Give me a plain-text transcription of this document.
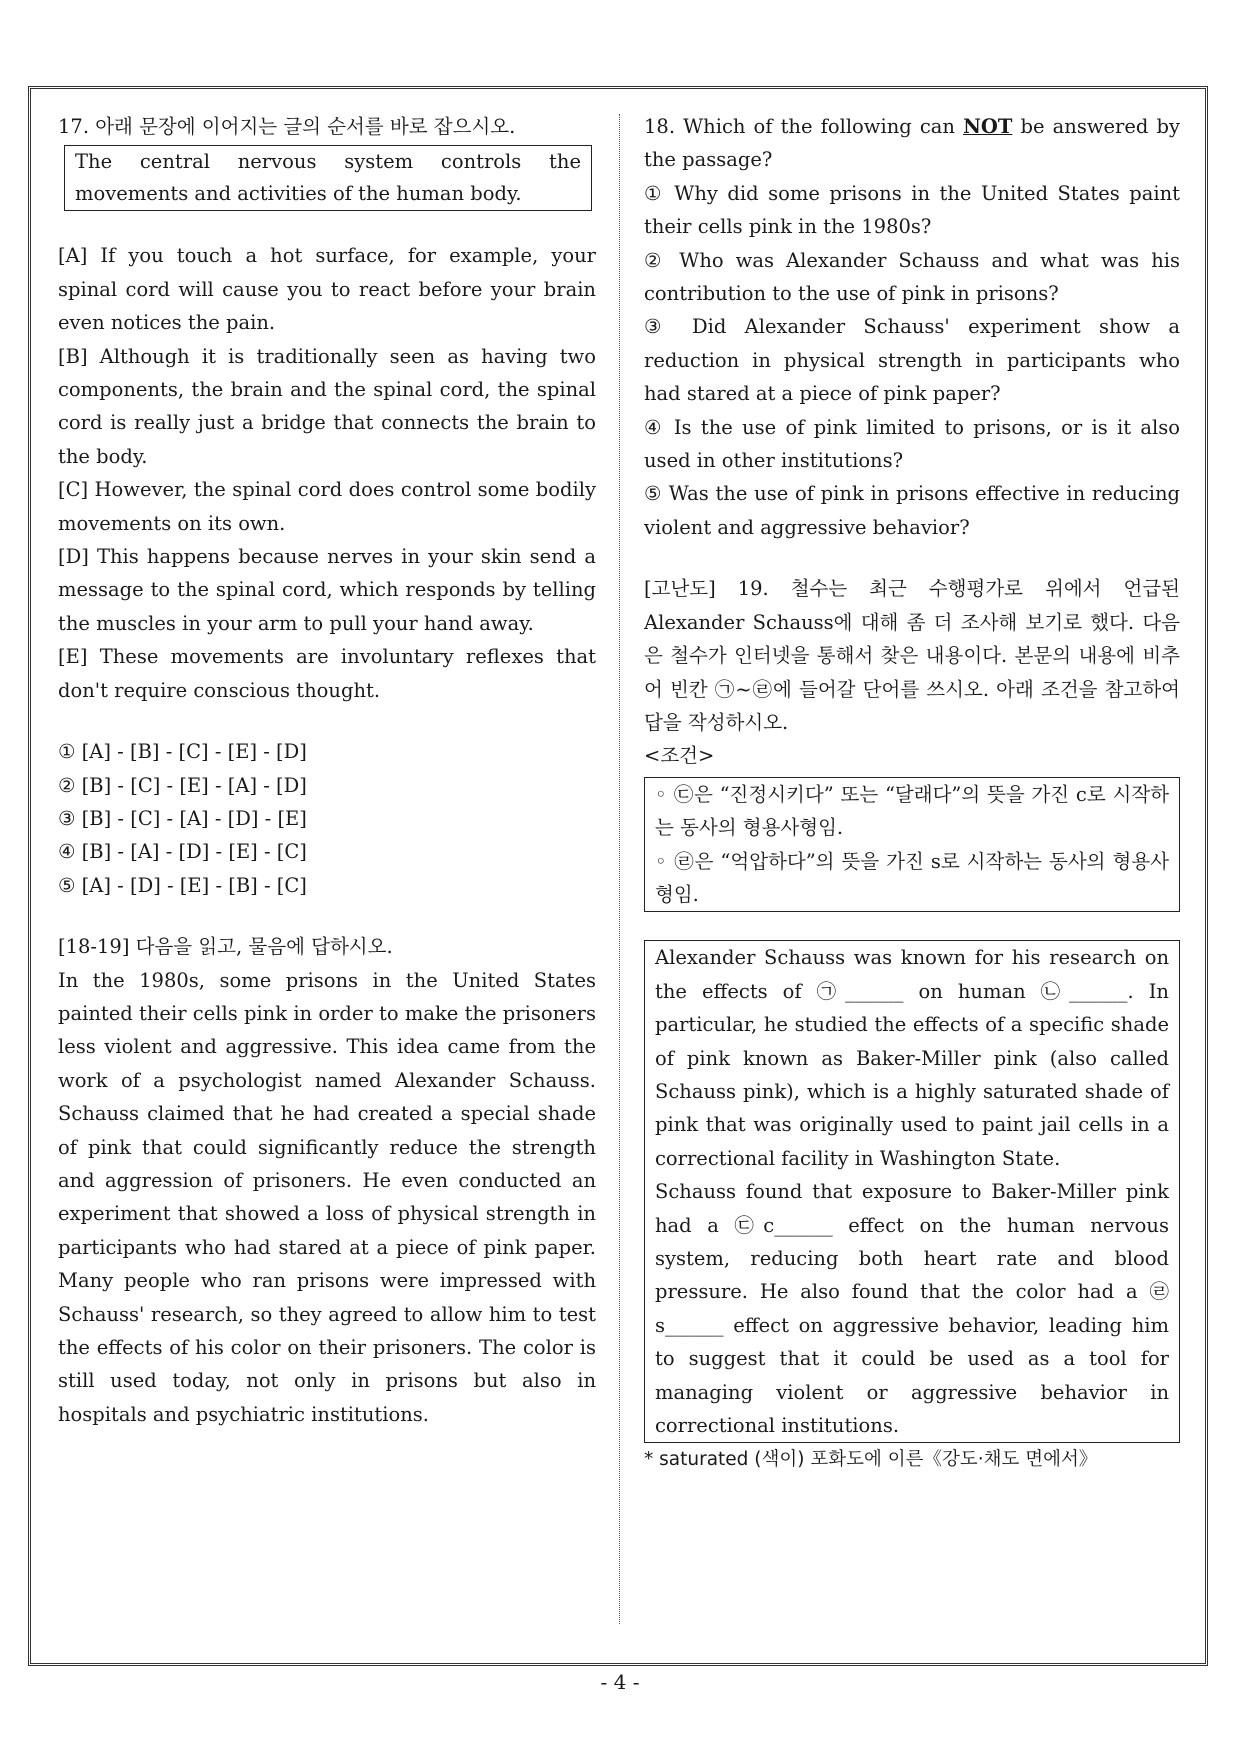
17. 아래 문장에 이어지는 글의 순서를 바로 잡으시오.

The central nervous system controls the movements and activities of the human body.

[A] If you touch a hot surface, for example, your spinal cord will cause you to react before your brain even notices the pain.

[B] Although it is traditionally seen as having two components, the brain and the spinal cord, the spinal cord is really just a bridge that connects the brain to the body.

[C] However, the spinal cord does control some bodily movements on its own.

[D] This happens because nerves in your skin send a message to the spinal cord, which responds by telling the muscles in your arm to pull your hand away.

[E] These movements are involuntary reflexes that don't require conscious thought.

① [A] - [B] - [C] - [E] - [D]

② [B] - [C] - [E] - [A] - [D]

③ [B] - [C] - [A] - [D] - [E]

④ [B] - [A] - [D] - [E] - [C]

⑤ [A] - [D] - [E] - [B] - [C]

[18-19] 다음을 읽고, 물음에 답하시오.

In the 1980s, some prisons in the United States painted their cells pink in order to make the prisoners less violent and aggressive. This idea came from the work of a psychologist named Alexander Schauss. Schauss claimed that he had created a special shade of pink that could significantly reduce the strength and aggression of prisoners. He even conducted an experiment that showed a loss of physical strength in participants who had stared at a piece of pink paper. Many people who ran prisons were impressed with Schauss' research, so they agreed to allow him to test the effects of his color on their prisoners. The color is still used today, not only in prisons but also in hospitals and psychiatric institutions.

18. Which of the following can NOT be answered by the passage?

① Why did some prisons in the United States paint their cells pink in the 1980s?

② Who was Alexander Schauss and what was his contribution to the use of pink in prisons?

③ Did Alexander Schauss' experiment show a reduction in physical strength in participants who had stared at a piece of pink paper?

④ Is the use of pink limited to prisons, or is it also used in other institutions?

⑤ Was the use of pink in prisons effective in reducing violent and aggressive behavior?

[고난도] 19. 철수는 최근 수행평가로 위에서 언급된 Alexander Schauss에 대해 좀 더 조사해 보기로 했다. 다음은 철수가 인터넷을 통해서 찾은 내용이다. 본문의 내용에 비추어 빈칸 ㉠~㉣에 들어갈 단어를 쓰시오. 아래 조건을 참고하여 답을 작성하시오.

<조건>

◦ ㉢은 “진정시키다” 또는 “달래다”의 뜻을 가진 c로 시작하는 동사의 형용사형임.

◦ ㉣은 “억압하다”의 뜻을 가진 s로 시작하는 동사의 형용사형임.

Alexander Schauss was known for his research on the effects of ㉠______ on human ㉡______. In particular, he studied the effects of a specific shade of pink known as Baker-Miller pink (also called Schauss pink), which is a highly saturated shade of pink that was originally used to paint jail cells in a correctional facility in Washington State.

Schauss found that exposure to Baker-Miller pink had a ㉢c______ effect on the human nervous system, reducing both heart rate and blood pressure. He also found that the color had a ㉣s______ effect on aggressive behavior, leading him to suggest that it could be used as a tool for managing violent or aggressive behavior in correctional institutions.

* saturated (색이) 포화도에 이른《강도·채도 면에서》

- 4 -
